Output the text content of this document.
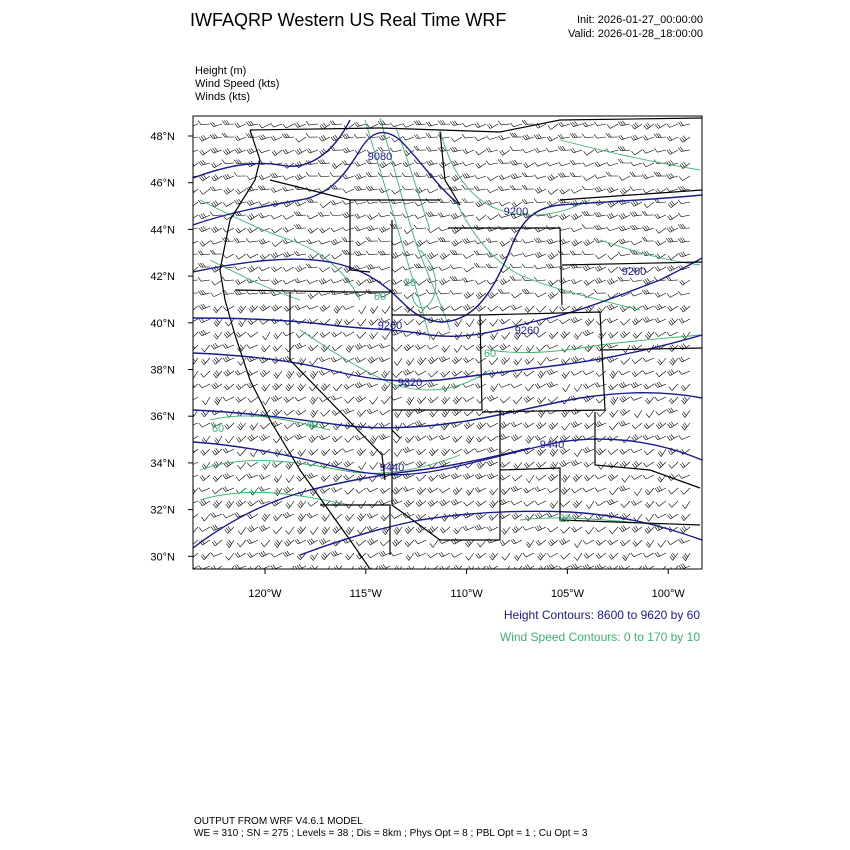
IWFAQRP Western US Real Time WRF	Init: 2026-01-27_00:00:00
Valid: 2026-01-28_18:00:00
Height (m)
Wind Speed (kts)
Winds (kts)
48°N
46°N
44°N
42°N
40°N
38°N
36°N
34°N
32°N
30°N
120°W	115°W	110°W	105°W	100°W
9080
9200
9200
9260	9260
9320
9440
9440
60
60
60	40
20
20
Height Contours: 8600 to 9620 by 60
Wind Speed Contours: 0 to 170 by 10
OUTPUT FROM WRF V4.6.1 MODEL
WE = 310 ; SN = 275 ; Levels = 38 ; Dis = 8km ; Phys Opt = 8 ; PBL Opt = 1 ; Cu Opt = 3
